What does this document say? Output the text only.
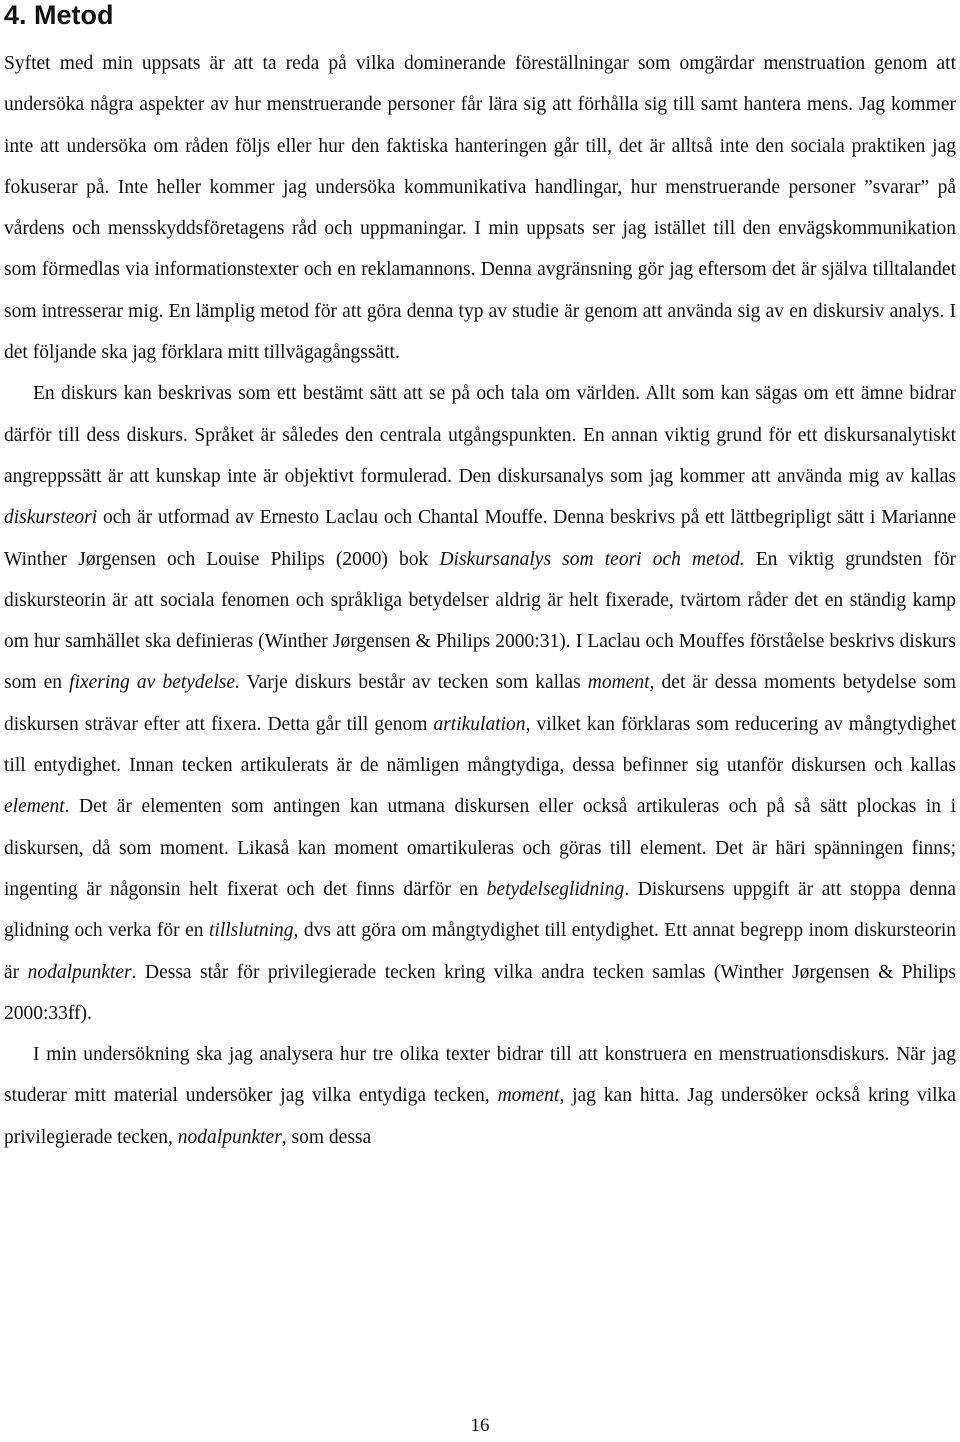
4. Metod

Syftet med min uppsats är att ta reda på vilka dominerande föreställningar som omgärdar menstruation genom att undersöka några aspekter av hur menstruerande personer får lära sig att förhålla sig till samt hantera mens. Jag kommer inte att undersöka om råden följs eller hur den faktiska hanteringen går till, det är alltså inte den sociala praktiken jag fokuserar på. Inte heller kommer jag undersöka kommunikativa handlingar, hur menstruerande personer ”svarar” på vårdens och mensskyddsföretagens råd och uppmaningar. I min uppsats ser jag istället till den envägskommunikation som förmedlas via informationstexter och en reklamannons. Denna avgränsning gör jag eftersom det är själva tilltalandet som intresserar mig. En lämplig metod för att göra denna typ av studie är genom att använda sig av en diskursiv analys. I det följande ska jag förklara mitt tillvägagångssätt.

En diskurs kan beskrivas som ett bestämt sätt att se på och tala om världen. Allt som kan sägas om ett ämne bidrar därför till dess diskurs. Språket är således den centrala utgångspunkten. En annan viktig grund för ett diskursanalytiskt angreppssätt är att kunskap inte är objektivt formulerad. Den diskursanalys som jag kommer att använda mig av kallas diskursteori och är utformad av Ernesto Laclau och Chantal Mouffe. Denna beskrivs på ett lättbegripligt sätt i Marianne Winther Jørgensen och Louise Philips (2000) bok Diskursanalys som teori och metod. En viktig grundsten för diskursteorin är att sociala fenomen och språkliga betydelser aldrig är helt fixerade, tvärtom råder det en ständig kamp om hur samhället ska definieras (Winther Jørgensen & Philips 2000:31). I Laclau och Mouffes förståelse beskrivs diskurs som en fixering av betydelse. Varje diskurs består av tecken som kallas moment, det är dessa moments betydelse som diskursen strävar efter att fixera. Detta går till genom artikulation, vilket kan förklaras som reducering av mångtydighet till entydighet. Innan tecken artikulerats är de nämligen mångtydiga, dessa befinner sig utanför diskursen och kallas element. Det är elementen som antingen kan utmana diskursen eller också artikuleras och på så sätt plockas in i diskursen, då som moment. Likaså kan moment omartikuleras och göras till element. Det är häri spänningen finns; ingenting är någonsin helt fixerat och det finns därför en betydelseglidning. Diskursens uppgift är att stoppa denna glidning och verka för en tillslutning, dvs att göra om mångtydighet till entydighet. Ett annat begrepp inom diskursteorin är nodalpunkter. Dessa står för privilegierade tecken kring vilka andra tecken samlas (Winther Jørgensen & Philips 2000:33ff).

I min undersökning ska jag analysera hur tre olika texter bidrar till att konstruera en menstruationsdiskurs. När jag studerar mitt material undersöker jag vilka entydiga tecken, moment, jag kan hitta. Jag undersöker också kring vilka privilegierade tecken, nodalpunkter, som dessa

16
